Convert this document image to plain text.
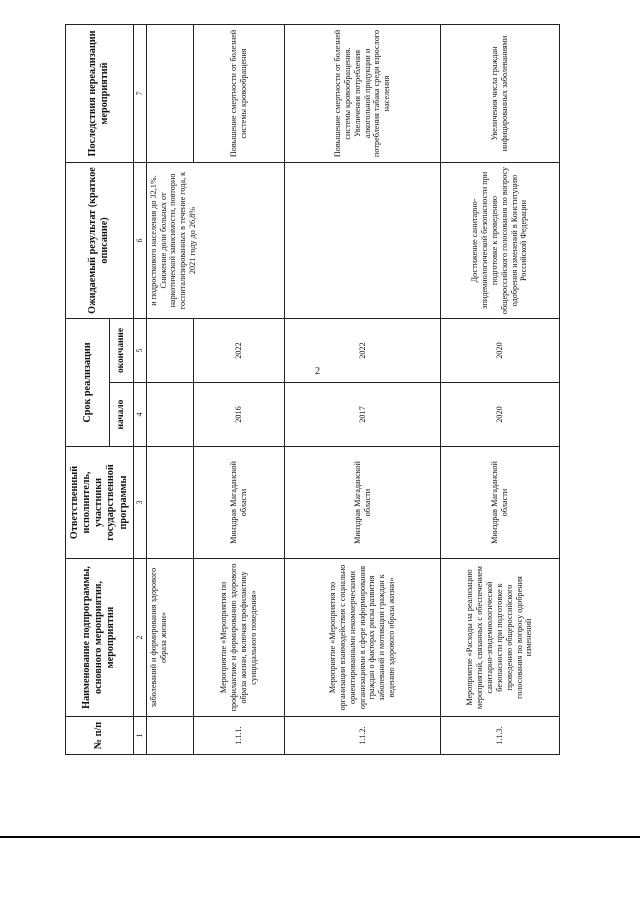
2
№ п/п	Наименование подпрограммы, основного мероприятия, мероприятия	Ответственный исполнитель, участники государственной программы	Срок реализации		Ожидаемый результат (краткое описание)	Последствия нереализации мероприятий
			начало	окончание		
1	2	3	4	5	6	7
	заболеваний и формирования здорового образа жизни»				и подросткового населения до 32,1%. Снижение доли больных от наркотической зависимости, повторно госпитализированных в течение года, к 2021 году до 26,8%	
1.1.1.	Мероприятие «Мероприятия по профилактике и формированию здорового образа жизни, включая профилактику суицидального поведения»	Минздрав Магаданской области	2016	2022		Повышение смертности от болезней системы кровообращения
1.1.2.	Мероприятие «Мероприятия по организации взаимодействия с социально ориентированными некоммерческими организациями в сфере информирования граждан о факторах риска развития заболеваний и мотивации граждан к ведению здорового образа жизни»	Минздрав Магаданской области	2017	2022		Повышение смертности от болезней системы кровообращения. Увеличения потребления алкогольной продукции и потребления табака среди взрослого населения
1.1.3.	Мероприятие «Расходы на реализацию мероприятий, связанных с обеспечением санитарно-эпидемиологической безопасности при подготовке к проведению общероссийского голосования по вопросу одобрения изменений	Минздрав Магаданской области	2020	2020	Достижение санитарно-эпидемиологической безопасности при подготовке к проведению общероссийского голосования по вопросу одобрения изменений в Конституцию Российской Федерации	Увеличения числа граждан инфицированных заболеваниями
